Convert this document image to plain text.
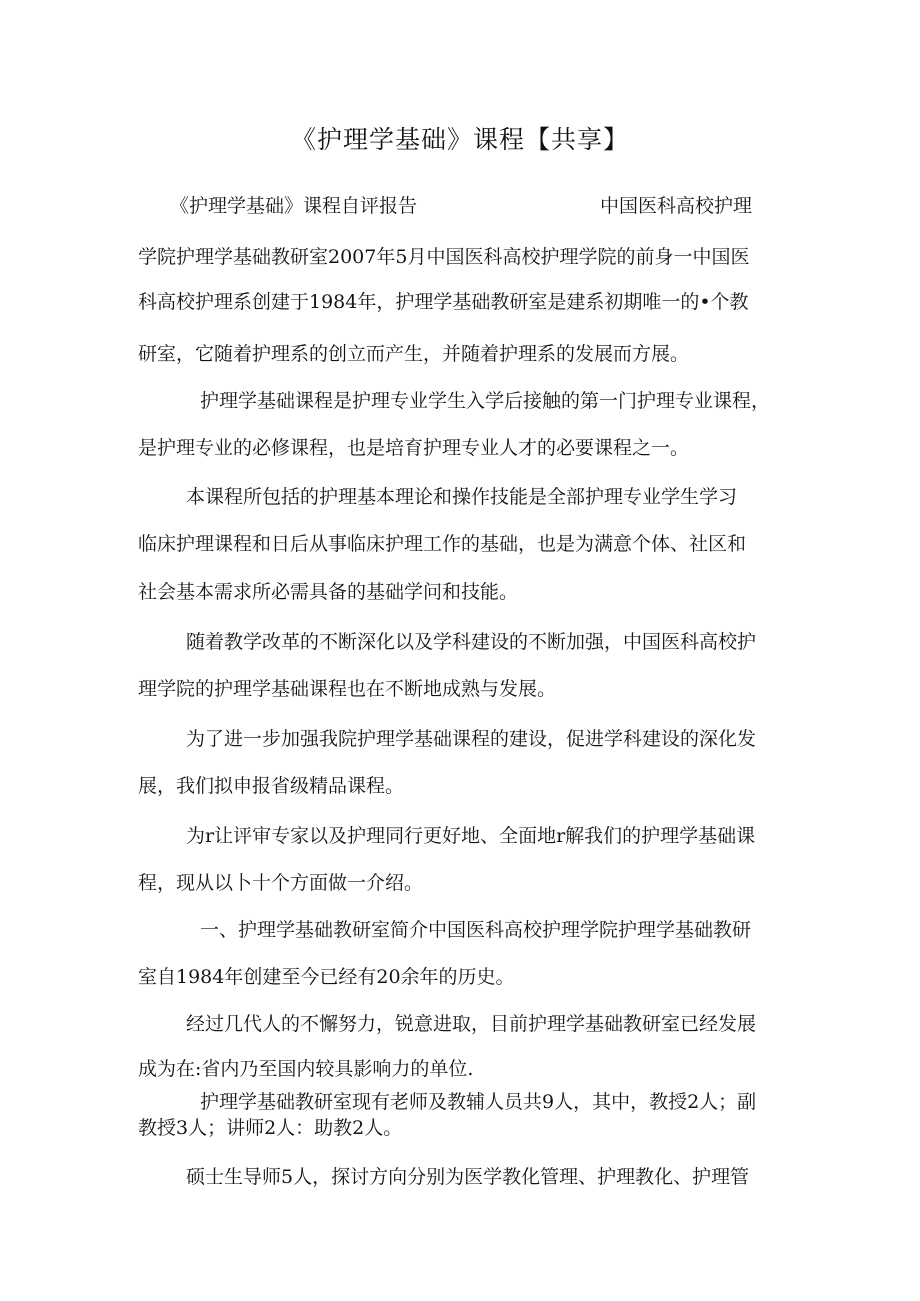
《护理学基础》课程【共享】
《护理学基础》课程自评报告	中国医科高校护理
学院护理学基础教研室2007年5月中国医科高校护理学院的前身一中国医
科高校护理系创建于1984年，护理学基础教研室是建系初期唯一的•个教
研室，它随着护理系的创立而产生，并随着护理系的发展而方展。
护理学基础课程是护理专业学生入学后接触的第一门护理专业课程，
是护理专业的必修课程，也是培育护理专业人才的必要课程之一。
本课程所包括的护理基本理论和操作技能是全部护理专业学生学习
临床护理课程和日后从事临床护理工作的基础，也是为满意个体、社区和
社会基本需求所必需具备的基础学问和技能。
随着教学改革的不断深化以及学科建设的不断加强，中国医科高校护
理学院的护理学基础课程也在不断地成熟与发展。
为了进一步加强我院护理学基础课程的建设，促进学科建设的深化发
展，我们拟申报省级精品课程。
为r让评审专家以及护理同行更好地、全面地r解我们的护理学基础课
程，现从以卜十个方面做一介绍。
一、护理学基础教研室简介中国医科高校护理学院护理学基础教研
室自1984年创建至今已经有20余年的历史。
经过几代人的不懈努力，锐意进取，目前护理学基础教研室已经发展
成为在:省内乃至国内较具影响力的单位.
护理学基础教研室现有老师及教辅人员共9人，其中，教授2人；副
教授3人；讲师2人：助教2人。
硕士生导师5人，探讨方向分别为医学教化管理、护理教化、护理管
